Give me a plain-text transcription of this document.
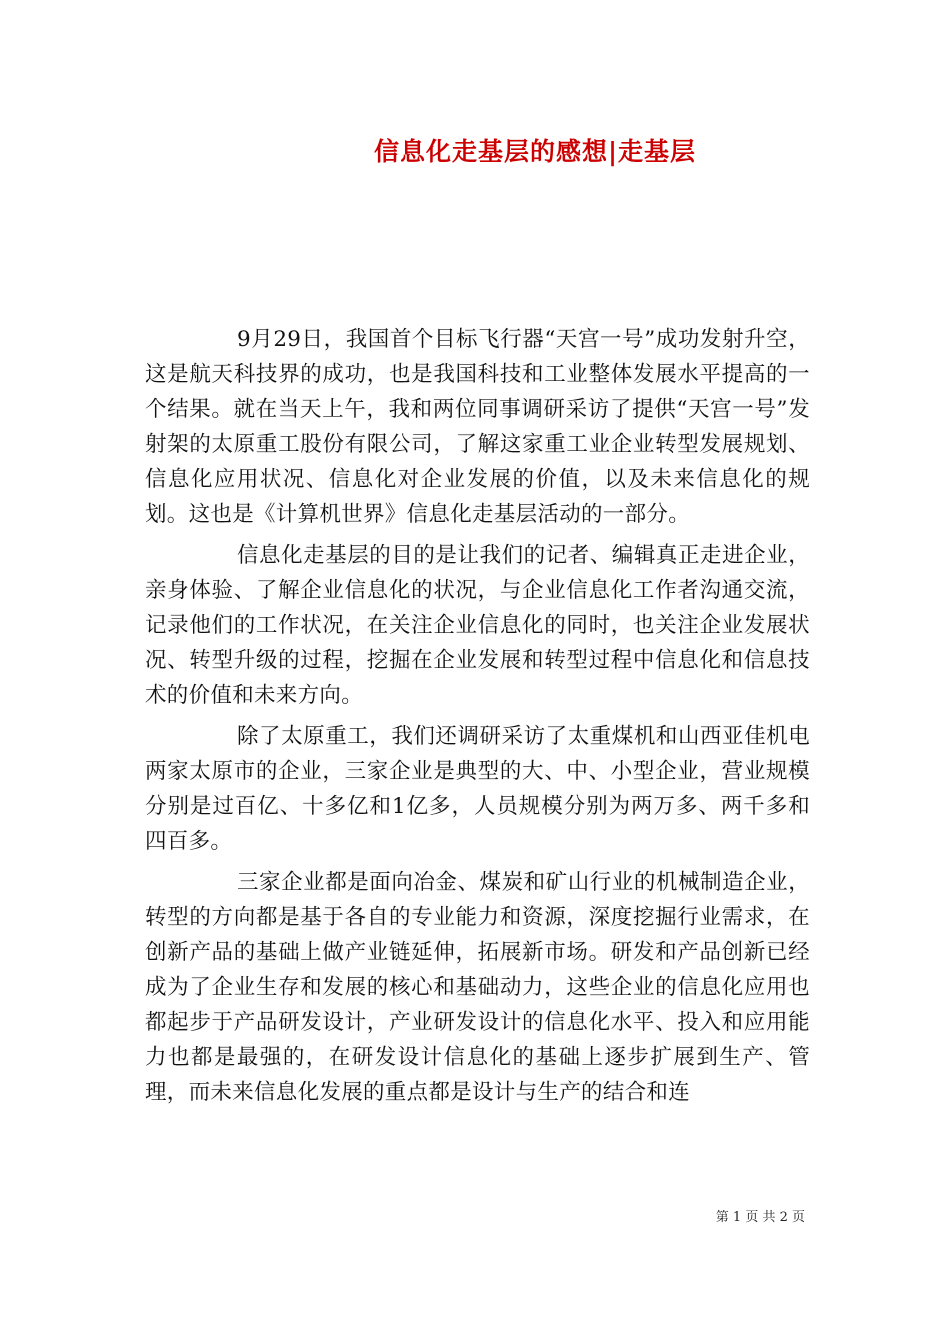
信息化走基层的感想|走基层

9月29日，我国首个目标飞行器“天宫一号”成功发射升空，这是航天科技界的成功，也是我国科技和工业整体发展水平提高的一个结果。就在当天上午，我和两位同事调研采访了提供“天宫一号”发射架的太原重工股份有限公司，了解这家重工业企业转型发展规划、信息化应用状况、信息化对企业发展的价值，以及未来信息化的规划。这也是《计算机世界》信息化走基层活动的一部分。

信息化走基层的目的是让我们的记者、编辑真正走进企业，亲身体验、了解企业信息化的状况，与企业信息化工作者沟通交流，记录他们的工作状况，在关注企业信息化的同时，也关注企业发展状况、转型升级的过程，挖掘在企业发展和转型过程中信息化和信息技术的价值和未来方向。

除了太原重工，我们还调研采访了太重煤机和山西亚佳机电两家太原市的企业，三家企业是典型的大、中、小型企业，营业规模分别是过百亿、十多亿和1亿多，人员规模分别为两万多、两千多和四百多。

三家企业都是面向冶金、煤炭和矿山行业的机械制造企业，转型的方向都是基于各自的专业能力和资源，深度挖掘行业需求，在创新产品的基础上做产业链延伸，拓展新市场。研发和产品创新已经成为了企业生存和发展的核心和基础动力，这些企业的信息化应用也都起步于产品研发设计，产业研发设计的信息化水平、投入和应用能力也都是最强的，在研发设计信息化的基础上逐步扩展到生产、管理，而未来信息化发展的重点都是设计与生产的结合和连

第 1 页 共 2 页
